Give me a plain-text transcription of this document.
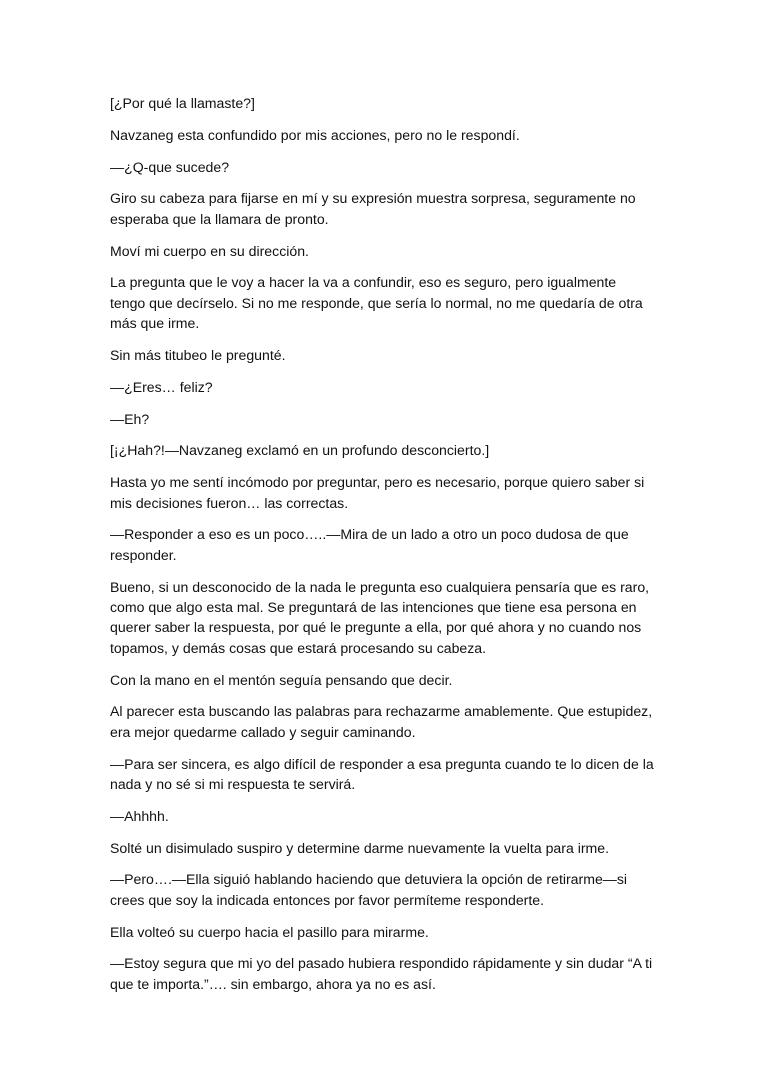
[¿Por qué la llamaste?]

Navzaneg esta confundido por mis acciones, pero no le respondí.

—¿Q-que sucede?

Giro su cabeza para fijarse en mí y su expresión muestra sorpresa, seguramente no esperaba que la llamara de pronto.

Moví mi cuerpo en su dirección.

La pregunta que le voy a hacer la va a confundir, eso es seguro, pero igualmente tengo que decírselo. Si no me responde, que sería lo normal, no me quedaría de otra más que irme.

Sin más titubeo le pregunté.

—¿Eres… feliz?

—Eh?

[¡¿Hah?!—Navzaneg exclamó en un profundo desconcierto.]

Hasta yo me sentí incómodo por preguntar, pero es necesario, porque quiero saber si mis decisiones fueron… las correctas.

—Responder a eso es un poco…..—Mira de un lado a otro un poco dudosa de que responder.

Bueno, si un desconocido de la nada le pregunta eso cualquiera pensaría que es raro, como que algo esta mal. Se preguntará de las intenciones que tiene esa persona en querer saber la respuesta, por qué le pregunte a ella, por qué ahora y no cuando nos topamos, y demás cosas que estará procesando su cabeza.

Con la mano en el mentón seguía pensando que decir.

Al parecer esta buscando las palabras para rechazarme amablemente. Que estupidez, era mejor quedarme callado y seguir caminando.

—Para ser sincera, es algo difícil de responder a esa pregunta cuando te lo dicen de la nada y no sé si mi respuesta te servirá.

—Ahhhh.

Solté un disimulado suspiro y determine darme nuevamente la vuelta para irme.

—Pero….—Ella siguió hablando haciendo que detuviera la opción de retirarme—si crees que soy la indicada entonces por favor permíteme responderte.

Ella volteó su cuerpo hacia el pasillo para mirarme.

—Estoy segura que mi yo del pasado hubiera respondido rápidamente y sin dudar “A ti que te importa.”…. sin embargo, ahora ya no es así.
